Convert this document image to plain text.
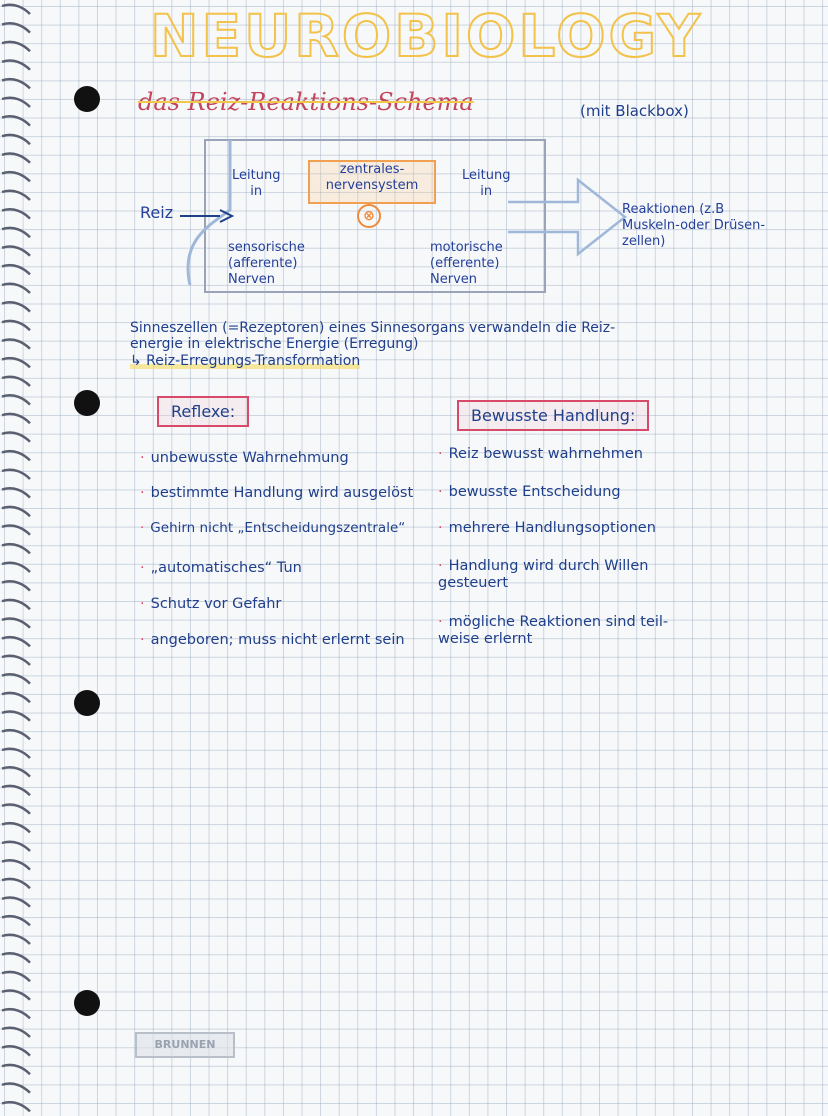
NEUROBIOLOGY
das Reiz-Reaktions-Schema	(mit Blackbox)
Leitung
in
zentrales-
nervensystem
⊗
Leitung
in
Reiz
sensorische
(afferente)
Nerven
motorische
(efferente)
Nerven
Reaktionen (z.B
Muskeln-oder Drüsen-
zellen)
Sinneszellen (=Rezeptoren) eines Sinnesorgans verwandeln die Reiz-
energie in elektrische Energie (Erregung)
↳ Reiz-Erregungs-Transformation
Reflexe:	Bewusste Handlung:
· unbewusste Wahrnehmung
· bestimmte Handlung wird ausgelöst
· Gehirn nicht „Entscheidungszentrale“
· „automatisches“ Tun
· Schutz vor Gefahr
· angeboren; muss nicht erlernt sein
· Reiz bewusst wahrnehmen
· bewusste Entscheidung
· mehrere Handlungsoptionen
· Handlung wird durch Willen
gesteuert
· mögliche Reaktionen sind teil-
weise erlernt
BRUNNEN
